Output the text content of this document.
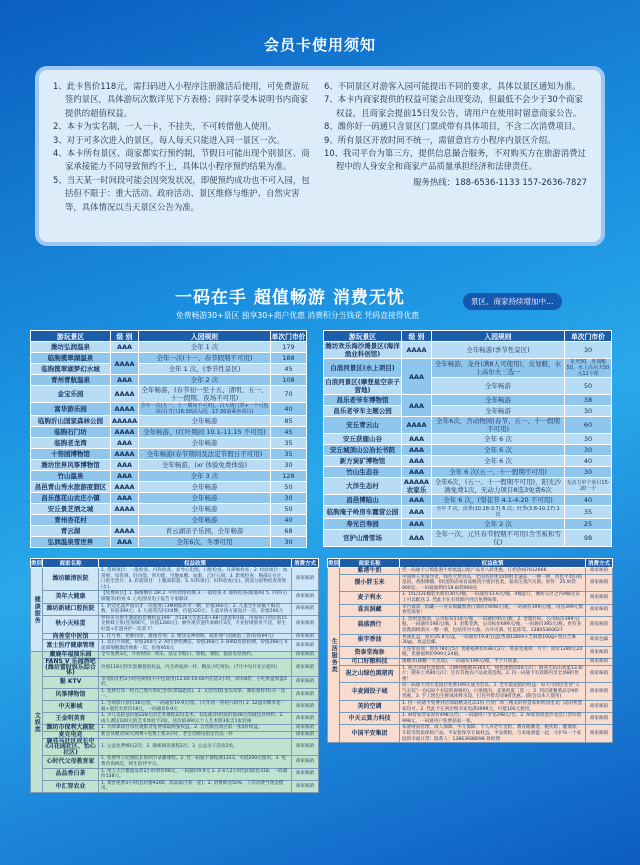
会员卡使用须知

1、此卡售价118元，需扫码进入小程序注册激活后使用，可免费游玩签约景区，具体游玩次数详见下方表格；同时享受本说明书内商家提供的超值权益。

2、本卡为实名制，一人一卡，不挂失，不可转借他人使用。

3、对于可多次进入的景区，每人每天只能进入同一景区一次。

4、本卡所有景区、商家都实行预约制，节假日可能出现个别景区、商家承接能力不同导致预约不上，具体以小程序预约结果为准。

5、当天某一时间段可能会因突发状况，即便预约成功也不可入园，包括但不限于：重大活动、政府活动、景区维修与维护、自然灾害等，具体情况以当天景区公告为准。

6、不同景区对游客入园可能提出不同的要求，具体以景区通知为准。

7、本卡内商家提供的权益可能会出现变动，但最低不会少于30个商家权益，且商家会提前15日发公告，请用户在使用时留意商家公告。

8、潍你好一码通只含景区门票或带有具体项目，不含二次消费项目。

9、所有景区开放时间不统一，需留意官方小程序内景区介绍。

10、我司平台为第三方，提供信息撮合服务，不对购买方在旅游消费过程中的人身安全和商家产品质量承担经济和法律责任。

服务热线：188-6536-1133 157-2636-7827
一码在手 超值畅游 消费无忧	景区、商家持续增加中…
免费畅游30+景区 独享30+商户优惠 消费积分当钱花 凭码直接得优惠
游玩景区	级 别	入园规则	单次门市价
潍坊弘润温泉	AAA	全年 1 次	179
临朐揽翠湖温泉	AAAA	全年一次(十一、春节假期不可用)	188
临朐揽翠湖梦幻水城		全年 1 次，(季节性景区)	45
青州青航温泉	AAA	全年 2 次	108
金宝乐园	AAAA	全年畅游，(春节初一至十五、清明、五一、十一假期、夜场不可用)	70
富华游乐园	AAAA	全年一次(五一、十一期间不可用)，白天场门票+一个可选项目(当日16:30前入园，17:30前乘坐项目)	40
临朐沂山国家森林公园	AAAAA	全年畅游	85
临朐石门坊	AAAA	全年畅游，(红叶期间 10.1-11.15 不可用)	45
临朐老龙湾	AAA	全年畅游	35
十笏园博物馆	AAAA	全年畅游(春节期间及法定节假日不可用)	35
潍坊世界风筝博物馆	AAA	全年畅游，(xr 体验免费体验)	30
竹山温泉	AAA	全年 3 次	128
昌邑青山秀水旅游度假区	AAAA	全年畅游	50
昌乐莲花山农庄小镇	AAA	全年畅游	30
安丘景芝酒之城	AAAA	全年畅游	50
青州杏花村		全年畅游	40
青云湖	AAAA	青云湖亲子乐园，全年畅游	68
弘润温泉雪世界	AAA	全年6次，冬季可用	30
游玩景区	级 别	入园规则	单次门市价
潍坊欢乐海沙滩景区(海洋渔业科创馆)	AAAA	全年畅游(季节性景区)	30
白浪河景区(水上项目)	AAA	全年畅游，龙舟(满8人可使用)，皮划艇，水上高尔夫三选一	龙舟50，皮划艇50，水上高尔夫50元12个球
白浪河景区(摩登星空亲子营地)		全年畅游	50
昌乐老爷车博物馆	AAA	全年畅游	38
昌乐老爷车主题公园		全年畅游	30
安丘青云山	AAAA	全年6次，含动物园(春节、五一、十一假期不可用)	60
安丘获鹿山谷	AAA	全年 6 次	30
安丘城顶山公冶长书院	AAA	全年 6 次	30
新方炭矿博物馆	AAA	全年 6 次	40
竹山生态谷	AAA	全年 6 次(五一、十一假期不可用)	30
大洋生态村	AAAAA 农家乐	全年6次，(五一、十一假期不可用)，阳光沙滩免费1次，无动力项目8选3免费6次	无动力单个项目15-20一个
昌邑博陆山	AAA	全年 6 次，(梨花节 4.1-4.20 不可用)	40
临朐淹子岭房车露营公园	AAA	全年 7 次，淡季(10.18-3.7) 6 次；旺季(3.8-10.17) 1 次	35
寿光百寿园	AAA	全年 2 次	25
官护山滑雪场	AAA	全年一次，元旦春节假期不可用(含雪板和雪仗)	98
类别	商家名称	权益政策	消费方式
健康服务	潍坊颐清医院	1. 常规项目：一般检查、内科检查、多导心电图、口腔检查、耳鼻喉检查；2. 检验项目：血常规、尿常规、肝功能、肾功能、空腹血糖、血脂、乙肝五项；3. 影像检查：胸部正位片、口腔全景片；4. 彩超项目：上腹部彩超；5. 妇科项目：妇科检查(女)、阴道分泌物检查常规(女)。	商家核销
	美年大健康	【免费项目】1. 胸椎侧位 DR 2. 中医经络检测 3. 一般检查 4. 眼科检查(眼底AI) 5. 内科(心肺腹等)检查 6. 心电图及电子报告专家解读	商家核销
	潍坊新城口腔医院	1. 舒适化超声波洁牙一次或进口3M树脂补牙一颗，价值360元；2. 儿童全年涂氟不限次数，价值399元；3. 儿童窝沟封闭4颗，价值320元；儿童早矫方案设计一次，价值500元	商家核销
	秋小天桂蛋	呼和贝尔原生態超值套餐权益199！含128元雪蛋1箱+68元滋蛋粉1箱，再加每日到店领15克鲜蜂王浆(连领90天，价值1280元)；额外观享遗传承蜂疗3次，专业舒缓筋骨不适，原生好蛋+非遗养护一次拿下！	商家核销
	尚善堂中医馆	1. 挂号费、把脉问诊、健康咨询；2. 赠送安神助眠、疏肝理气消解泡三袋(价值69元)	商家核销
	富士医疗健康管理	1. 双启空间舱，价值260元 2. AI目诊检测仪，价值368元 3. BIRD皮肤检测，价值268元 4. 面部细胞激活焕新一次，价值950元	商家核销
文娱类	麋鹿年福演乐园	全年免费3次，开放时间：周末、法定节假日、寒假、暑假，提前电话预约。	商家核销
	FANS V 乐园酒吧(潍坊蕾时娱乐综合体)	价值118元特饮套餐超值权益，内含鸡尾酒一杯、精品小吃两份。(7月中旬开业后使用)	商家核销
	魅 KTV	享受阳光档3小时纯欢唱(小中包通用)12:00-19:00内任选3小时，酒水8折，小吃拼盘果盘5折。	商家核销
	风筝博物馆	1. 免费打印一枚自己照片的纪念章(带镜匙扣)。2. 文创雪糕(龙头风筝、潍坊象样样)买一送一。	商家核销
	中天影城	1. 全场影片原价38元/张，一码通价19.9元/张。(大年初一到初六除外) 2. 32盎司爆米花一桶+瓶装水原价18元，一码通价9.9元	商家核销
	王金明美育	1. 少儿美陪送价值228元的艺术课程2次(美术、书法或诗词)送价值48元的画包及材料。2. 成人课送100元的艺术体验卡2张，送价值360元个人艺术照3张含1张装裱	商家核销
	潍坊市保利大剧院	1. 大师课项目每位观影者免费领取两张权益。2. 自营演出项目第一张5折权益。	商家核销
	麦克电竞	新会员赠送50元网费+免费上机3小时，老会员赠送指定饮品一杯	商家核销
	鹿非马社区成长中心(花园社区、怡心社区)	1. 公益免费畅玩2次；2. 趣味阅读课程2次；3. 公益亲子活动2场。	商家核销
	心时代父母教育家	1. 免费得王纪姐院长的两节录播课程。2. 凭一码通卡课程满1313，可抵200元使用。3. 免费咨询两次，终生陪伴学习。	商家核销
	品品香白茶	1. 单人大厅雅座品茗2小时原价68元，一码通价9.9元 2. 2-4人2小时包间原价318，一码通价138元。	商家核销
	中汇智农业	1. 菜窖免费3小时(总价值¥200，高品质白茶一壶)；2. 消费即送50%，下次消费当现金使用。	商家核销
类别	商家名称	权益政策	消费方式
生活服务类	紫港牛奶	凭一码通卡订购紫港牛奶低温日配产品享八折优惠，订奶热线7612666	商家核销
	馒小胖玉米	中国鲜玉米领导者，绿色天然食品，全国名特优1h锁鲜非速冻，一棒一棒，河套平原轩转基因，香甜爆糯，0化肥0添加食品级真空密封包装，超高压蒸汽灭菌。原价：25.9/袋900克，一码通福利价18.8/袋900克	商家核销
	麦子利水	1. 15L/12L桶装水原价30元/桶，一码通价13.6元/桶，4桶起订，潍坊五区之内4桶及以上可以配送 2. 凭此卡在有效期内到店免费喝茶。	商家核销
	喜宾洞藏	茅台镇第一洞藏——喜宾洞藏酱香白酒原价698元/瓶，一码通价399元/瓶，再送399元酱香堂海参！	商家核销
	晨盛酒行	1. 贵州金酱酒，公司标价219元/瓶，一码通价95元/瓶。2. 金酱红标，公司标价399元/瓶，一码通价198元/瓶。3. 金酱金典，公司标价699元/瓶，一码通价395元/瓶。更有多款酱酒相酒买一赠一酒，包括洋河大曲、古井贡酒、红花郎等，13805360627	商家核销
	崔字香油	香油礼盒：原价35.8元/盒，一码通价19.8元/盒(香油128ml+芝麻酱160g+熟白芝麻30g)，再盒包邮。	商家包邮
	资泰堂海参	大连带添加：原价780元5斤 优惠福利价438元3斤；资泰堂燕窝：月卡：原价1280元24瓶，优惠福利价999元24瓶。	商家核销
	可口好粮科技	锤糖米(降糖一天见效)，一码通价199元/箱，半个月的量。	商家核销
	祝之山绿色黑猪肉	1. 祝之山绿色黑猪肉，山林纯粮散养365天，绿色黑猪肉50元/斤；散养无抗山鸡蛋13.6/斤；散养土鸡80元/只；还有其他农产品欢迎选购。2. 持一码通卡有效期内享全场8折优惠！	商家核销
	丰麦园饺子城	持一码通卡到丰麦园店免费199元成为会员。1. 全年最超值的权益：每天可到店堂食“人气水饺”一份(20个水饺的规格份)，白菜猪肉、韭菜鸡蛋二选一。2. 到店就餐菜品享9折优惠。3. 手工现包生鲜或冰鲜水饺，打包外带均享8折优惠。(限会员本人使用)	商家核销
	美的空调	1. 持一码通卡免费到店领取精美礼品1份 百货广场三楼美的智慧家和铁园里北门美的智慧家均可。2. 凭此卡在两店购买家电满3999元，可抵100元使用。	商家核销
	中天云算力科技	1. AI智家管家原价498元/台，一码通用户享受298元/台。2. AI家客创意沙龙会门票价值998元，一码通用户免费获取一张。	商家核销
	中国平安集团	家庭财富管理、成人保障、少儿保障、个人养老年金险、教育储蓄金、税优险、健康险、车险等资质保险产品。平安银保享专属权益，平安保险，与本地商盟一起，守护每一个家庭的幸福日常！联系人：13863688098 蒋经理	商家核销
